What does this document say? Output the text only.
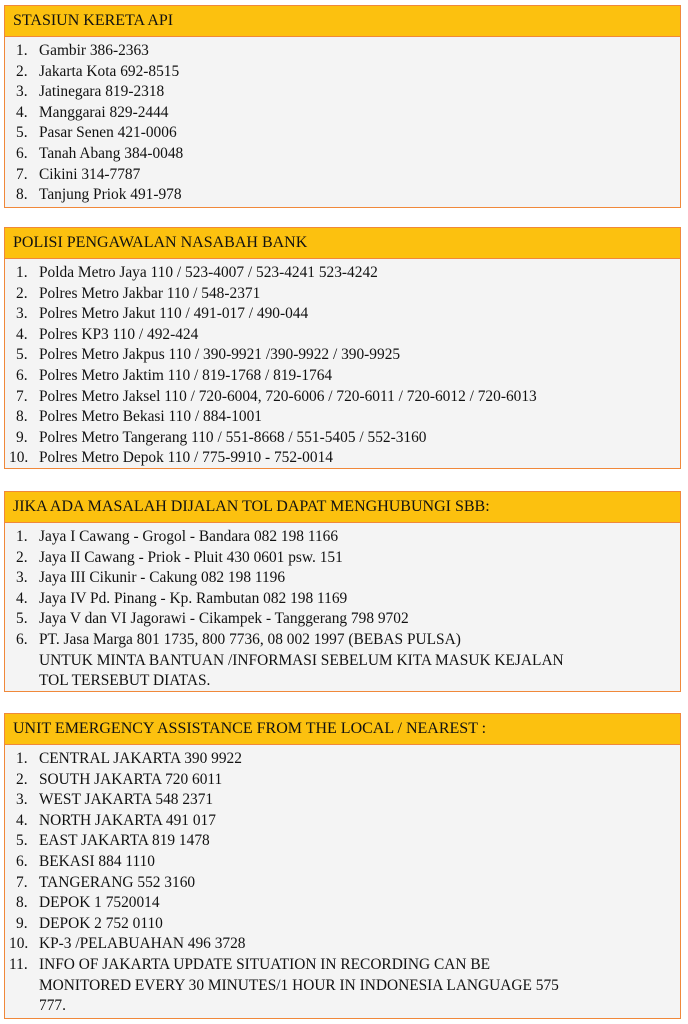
STASIUN KERETA API
1. Gambir 386-2363
2. Jakarta Kota 692-8515
3. Jatinegara 819-2318
4. Manggarai 829-2444
5. Pasar Senen 421-0006
6. Tanah Abang 384-0048
7. Cikini 314-7787
8. Tanjung Priok 491-978
POLISI PENGAWALAN NASABAH BANK
1. Polda Metro Jaya 110 / 523-4007 / 523-4241 523-4242
2. Polres Metro Jakbar 110 / 548-2371
3. Polres Metro Jakut 110 / 491-017 / 490-044
4. Polres KP3 110 / 492-424
5. Polres Metro Jakpus 110 / 390-9921 /390-9922 / 390-9925
6. Polres Metro Jaktim 110 / 819-1768 / 819-1764
7. Polres Metro Jaksel 110 / 720-6004, 720-6006 / 720-6011 / 720-6012 / 720-6013
8. Polres Metro Bekasi 110 / 884-1001
9. Polres Metro Tangerang 110 / 551-8668 / 551-5405 / 552-3160
10. Polres Metro Depok 110 / 775-9910 - 752-0014
JIKA ADA MASALAH DIJALAN TOL DAPAT MENGHUBUNGI SBB:
1. Jaya I Cawang - Grogol - Bandara 082 198 1166
2. Jaya II Cawang - Priok - Pluit 430 0601 psw. 151
3. Jaya III Cikunir - Cakung 082 198 1196
4. Jaya IV Pd. Pinang - Kp. Rambutan 082 198 1169
5. Jaya V dan VI Jagorawi - Cikampek - Tanggerang 798 9702
6. PT. Jasa Marga 801 1735, 800 7736, 08 002 1997 (BEBAS PULSA)
UNTUK MINTA BANTUAN /INFORMASI SEBELUM KITA MASUK KEJALAN
TOL TERSEBUT DIATAS.
UNIT EMERGENCY ASSISTANCE FROM THE LOCAL / NEAREST :
1. CENTRAL JAKARTA 390 9922
2. SOUTH JAKARTA 720 6011
3. WEST JAKARTA 548 2371
4. NORTH JAKARTA 491 017
5. EAST JAKARTA 819 1478
6. BEKASI 884 1110
7. TANGERANG 552 3160
8. DEPOK 1 7520014
9. DEPOK 2 752 0110
10. KP-3 /PELABUAHAN 496 3728
11. INFO OF JAKARTA UPDATE SITUATION IN RECORDING CAN BE
MONITORED EVERY 30 MINUTES/1 HOUR IN INDONESIA LANGUAGE 575
777.
